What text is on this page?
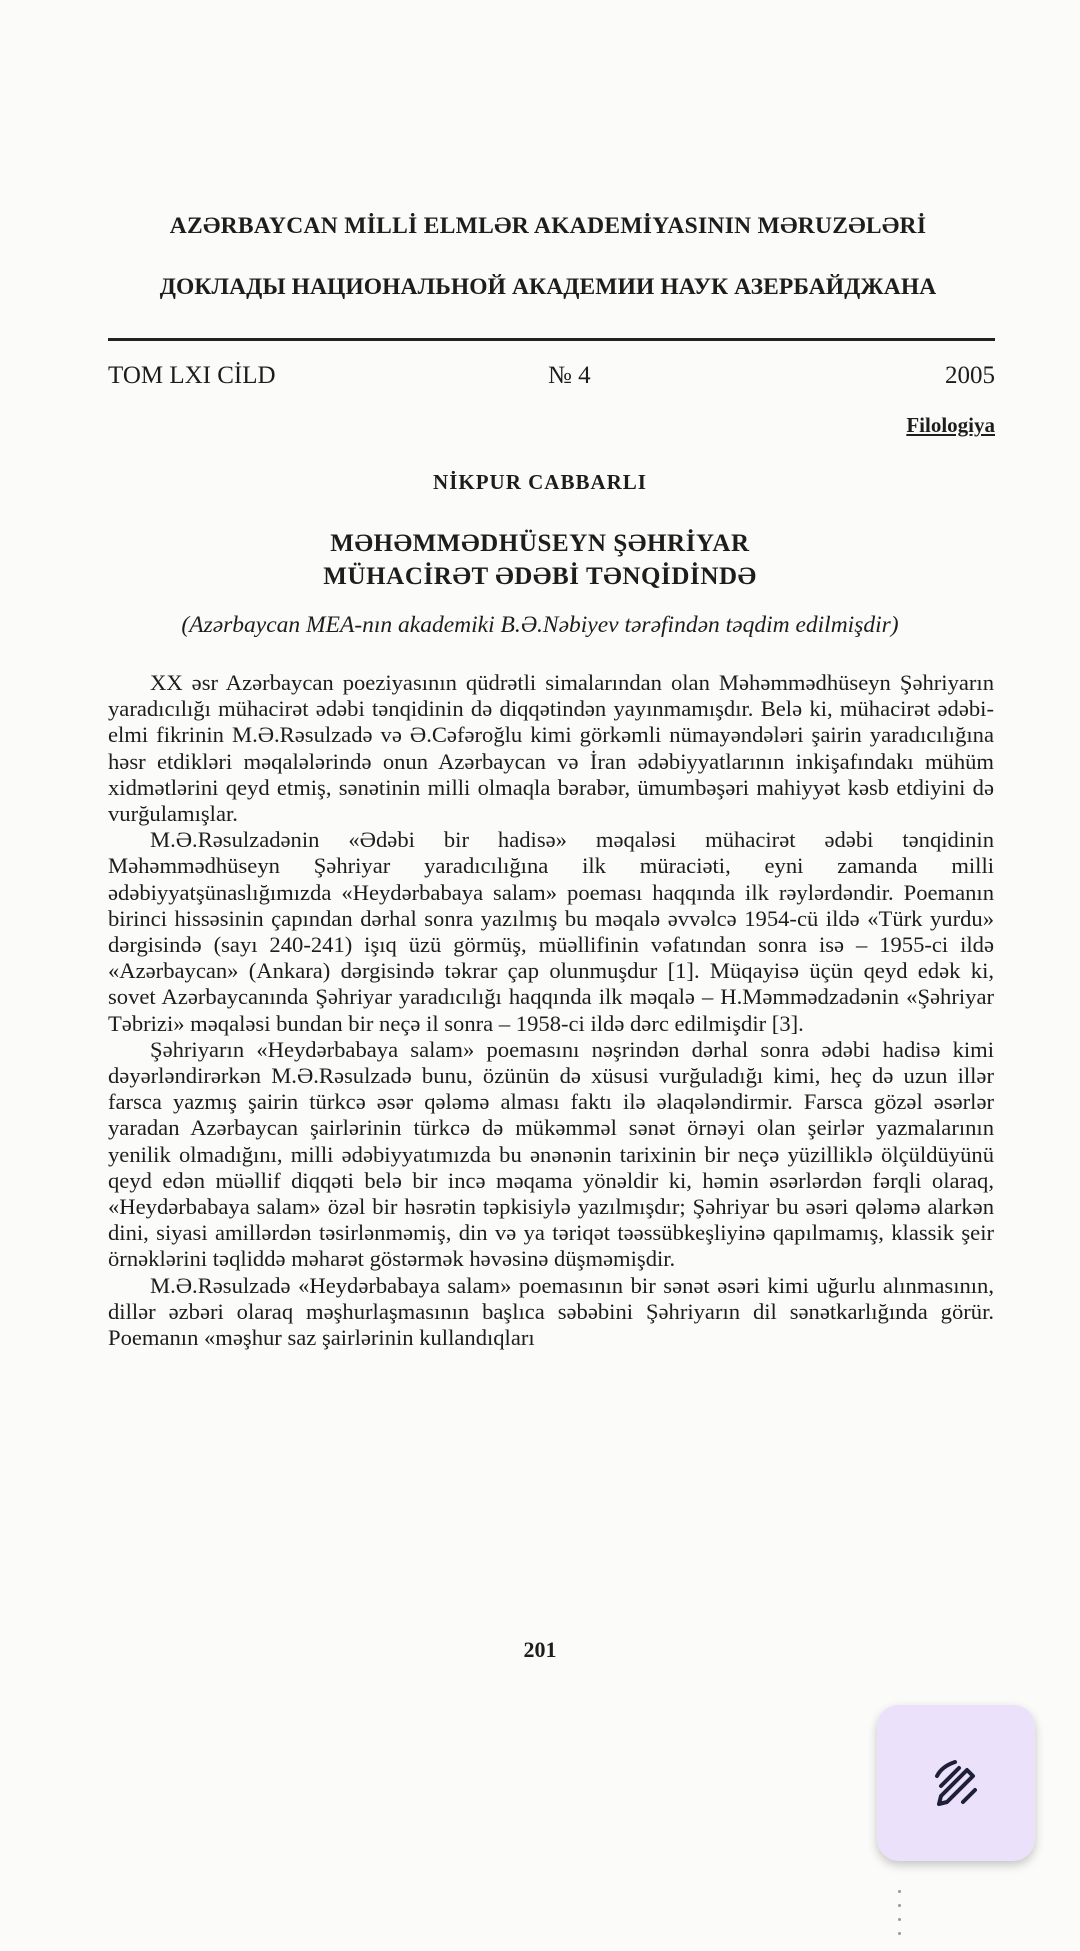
AZƏRBAYCAN MİLLİ ELMLƏR AKADEMİYASININ MƏRUZƏLƏRİ
ДОКЛАДЫ НАЦИОНАЛЬНОЙ АКАДЕМИИ НАУК АЗЕРБАЙДЖАНА
TOM LXI CİLD	№ 4	2005
Filologiya
NİKPUR CABBARLI
MƏHƏMMƏDHÜSEYN ŞƏHRİYAR
MÜHACİRƏT ƏDƏBİ TƏNQİDİNDƏ
(Azərbaycan MEA-nın akademiki B.Ə.Nəbiyev tərəfindən təqdim edilmişdir)

XX əsr Azərbaycan poeziyasının qüdrətli simalarından olan Məhəmmədhüseyn Şəhriyarın yaradıcılığı mühacirət ədəbi tənqidinin də diqqətindən yayınmamışdır. Belə ki, mühacirət ədəbi-elmi fikrinin M.Ə.Rəsulzadə və Ə.Cəfəroğlu kimi görkəmli nümayəndələri şairin yaradıcılığına həsr etdikləri məqalələrində onun Azərbaycan və İran ədəbiyyatlarının inkişafındakı mühüm xidmətlərini qeyd etmiş, sənətinin milli olmaqla bərabər, ümumbəşəri mahiyyət kəsb etdiyini də vurğulamışlar.

M.Ə.Rəsulzadənin «Ədəbi bir hadisə» məqaləsi mühacirət ədəbi tənqidinin Məhəmmədhüseyn Şəhriyar yaradıcılığına ilk müraciəti, eyni zamanda milli ədəbiyyatşünaslığımızda «Heydərbabaya salam» poeması haqqında ilk rəylərdəndir. Poemanın birinci hissəsinin çapından dərhal sonra yazılmış bu məqalə əvvəlcə 1954-cü ildə «Türk yurdu» dərgisində (sayı 240-241) işıq üzü görmüş, müəllifinin vəfatından sonra isə – 1955-ci ildə «Azərbaycan» (Ankara) dərgisində təkrar çap olunmuşdur [1]. Müqayisə üçün qeyd edək ki, sovet Azərbaycanında Şəhriyar yaradıcılığı haqqında ilk məqalə – H.Məmmədzadənin «Şəhriyar Təbrizi» məqaləsi bundan bir neçə il sonra – 1958-ci ildə dərc edilmişdir [3].

Şəhriyarın «Heydərbabaya salam» poemasını nəşrindən dərhal sonra ədəbi hadisə kimi dəyərləndirərkən M.Ə.Rəsulzadə bunu, özünün də xüsusi vurğuladığı kimi, heç də uzun illər farsca yazmış şairin türkcə əsər qələmə alması faktı ilə əlaqələndirmir. Farsca gözəl əsərlər yaradan Azərbaycan şairlərinin türkcə də mükəmməl sənət örnəyi olan şeirlər yazmalarının yenilik olmadığını, milli ədəbiyyatımızda bu ənənənin tarixinin bir neçə yüzilliklə ölçüldüyünü qeyd edən müəllif diqqəti belə bir incə məqama yönəldir ki, həmin əsərlərdən fərqli olaraq, «Heydərbabaya salam» özəl bir həsrətin təpkisiylə yazılmışdır; Şəhriyar bu əsəri qələmə alarkən dini, siyasi amillərdən təsirlənməmiş, din və ya təriqət təəssübkeşliyinə qapılmamış, klassik şeir örnəklərini təqliddə məharət göstərmək həvəsinə düşməmişdir.

M.Ə.Rəsulzadə «Heydərbabaya salam» poemasının bir sənət əsəri kimi uğurlu alınmasının, dillər əzbəri olaraq məşhurlaşmasının başlıca səbəbini Şəhriyarın dil sənətkarlığında görür. Poemanın «məşhur saz şairlərinin kullandıqları

201
